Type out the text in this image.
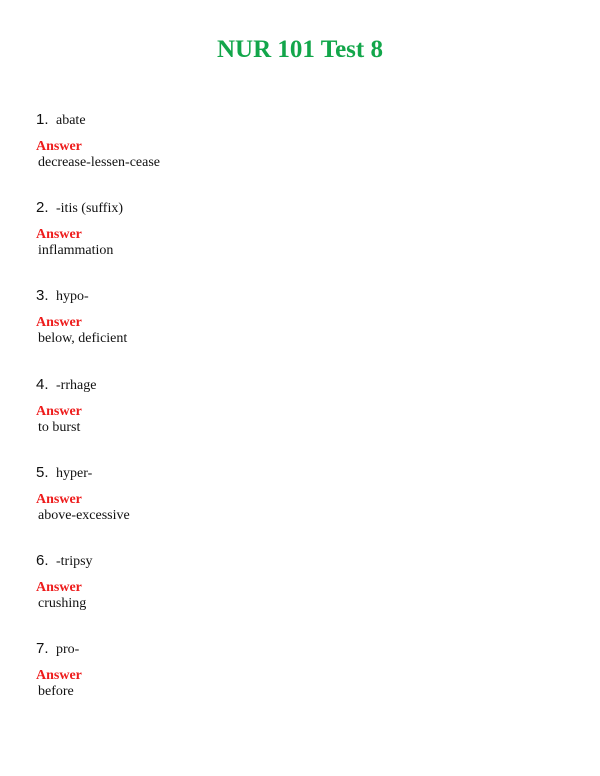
NUR 101 Test 8
1. abate
Answer
decrease-lessen-cease
2. -itis (suffix)
Answer
inflammation
3. hypo-
Answer
below, deficient
4. -rrhage
Answer
to burst
5. hyper-
Answer
above-excessive
6. -tripsy
Answer
crushing
7. pro-
Answer
before
